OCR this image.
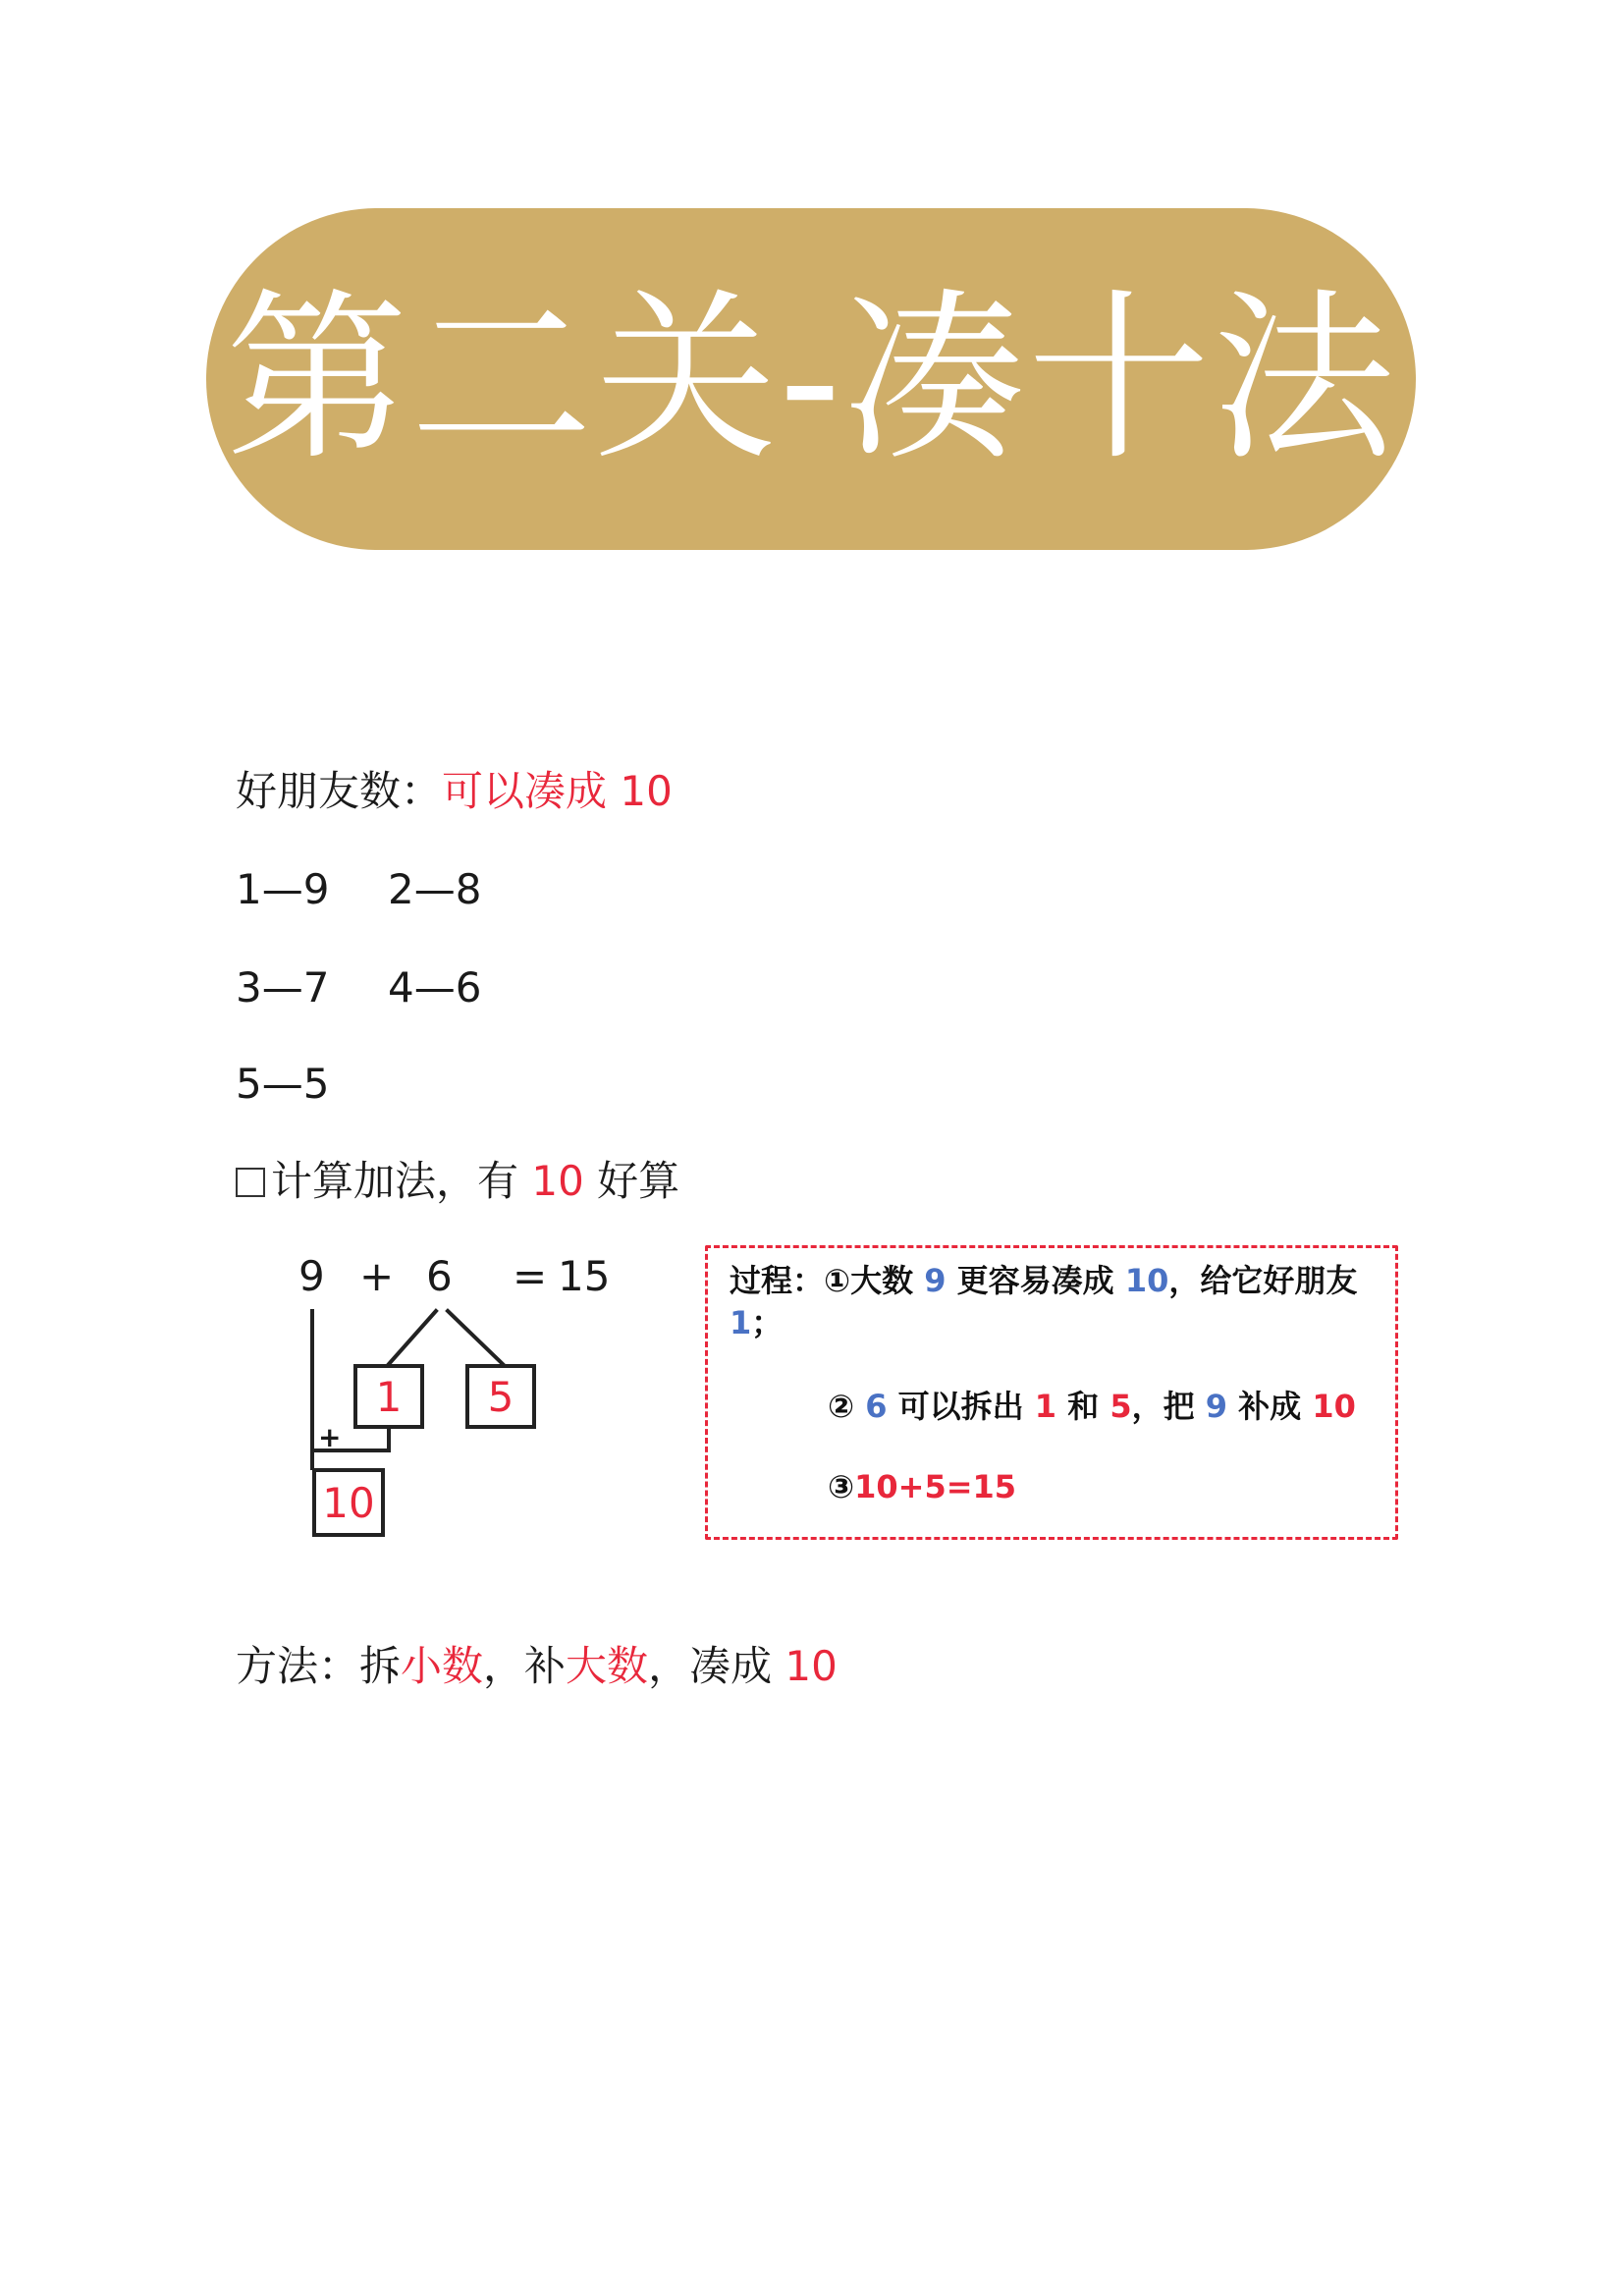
第二关-凑十法
好朋友数：可以凑成 10
1—9 2—8
3—7 4—6
5—5
计算加法，有 10 好算
9 + 6 = 15
+
1 5
10
过程：①大数 9 更容易凑成 10，给它好朋友
1；
② 6 可以拆出 1 和 5，把 9 补成 10
③10+5=15
方法：拆小数，补大数，凑成 10
